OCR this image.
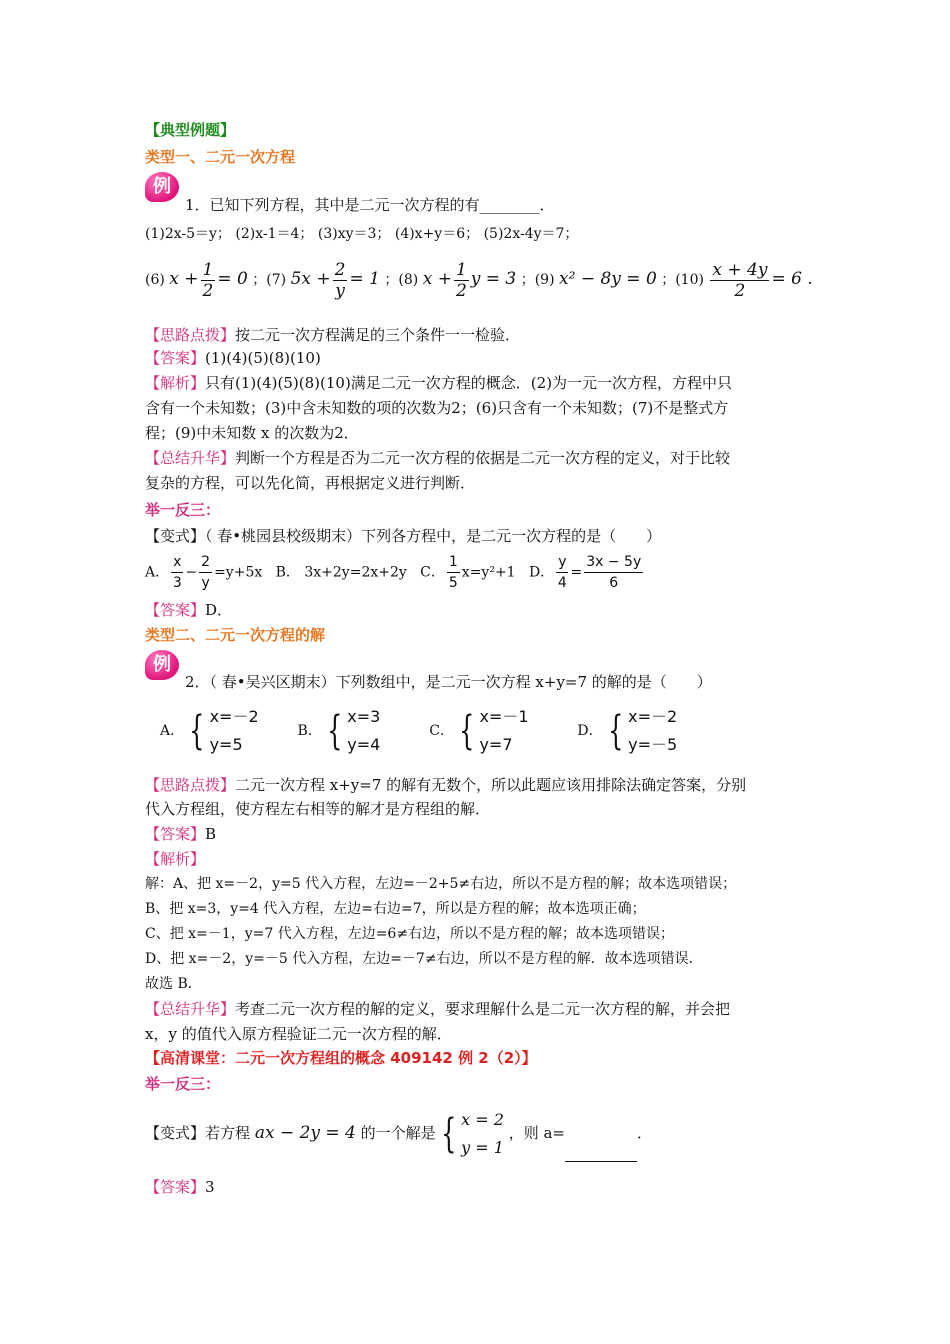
【典型例题】
类型一、二元一次方程
例
1．已知下列方程，其中是二元一次方程的有________．
(1)2x-5＝y； (2)x-1＝4； (3)xy＝3； (4)x+y＝6； (5)2x-4y＝7；
(6) $x + \frac{1}{2} = 0$ ；(7) $5x + \frac{2}{y} = 1$ ；(8) $x + \frac{1}{2}$ y = 3 ；(9) x² − 8y = 0 ；$(10) \frac{x + 4y}{2} = 6$ .
【思路点拨】按二元一次方程满足的三个条件一一检验．
【答案】(1)(4)(5)(8)(10)
【解析】只有(1)(4)(5)(8)(10)满足二元一次方程的概念．(2)为一元一次方程，方程中只
含有一个未知数；(3)中含未知数的项的次数为2；(6)只含有一个未知数；(7)不是整式方
程；(9)中未知数 x 的次数为2．
【总结升华】判断一个方程是否为二元一次方程的依据是二元一次方程的定义，对于比较
复杂的方程，可以先化简，再根据定义进行判断．
举一反三：
【变式】（ 春•桃园县校级期末）下列各方程中，是二元一次方程的是（　　）
A． $\frac{x}{3} - \frac{2}{y} =y+5x$ B． 3x+2y=2x+2y C． $\frac{1}{5} x=y^2+1$ D． $\frac{y}{4} = \frac{3x - 5y}{6}$
【答案】D．
类型二、二元一次方程的解
例
2．（ 春•吴兴区期末）下列数组中，是二元一次方程 x+y=7 的解的是（　　）
A． { x=－2
y=5
B． { x=3
y=4
C． { x=－1
y=7
D． { x=－2
y=－5
【思路点拨】二元一次方程 x+y=7 的解有无数个，所以此题应该用排除法确定答案，分别
代入方程组，使方程左右相等的解才是方程组的解．
【答案】B
【解析】
解：A、把 x=－2，y=5 代入方程，左边=－2+5≠右边，所以不是方程的解；故本选项错误；
B、把 x=3，y=4 代入方程，左边=右边=7，所以是方程的解；故本选项正确；
C、把 x=－1，y=7 代入方程，左边=6≠右边，所以不是方程的解；故本选项错误；
D、把 x=－2，y=－5 代入方程，左边=－7≠右边，所以不是方程的解．故本选项错误．
故选 B．
【总结升华】考查二元一次方程的解的定义，要求理解什么是二元一次方程的解，并会把
x，y 的值代入原方程验证二元一次方程的解．
【高清课堂：二元一次方程组的概念 409142 例 2（2）】
举一反三：
【变式】若方程 ax − 2y = 4 的一个解是 { x = 2
y = 1
，则 a=	．
【答案】3
